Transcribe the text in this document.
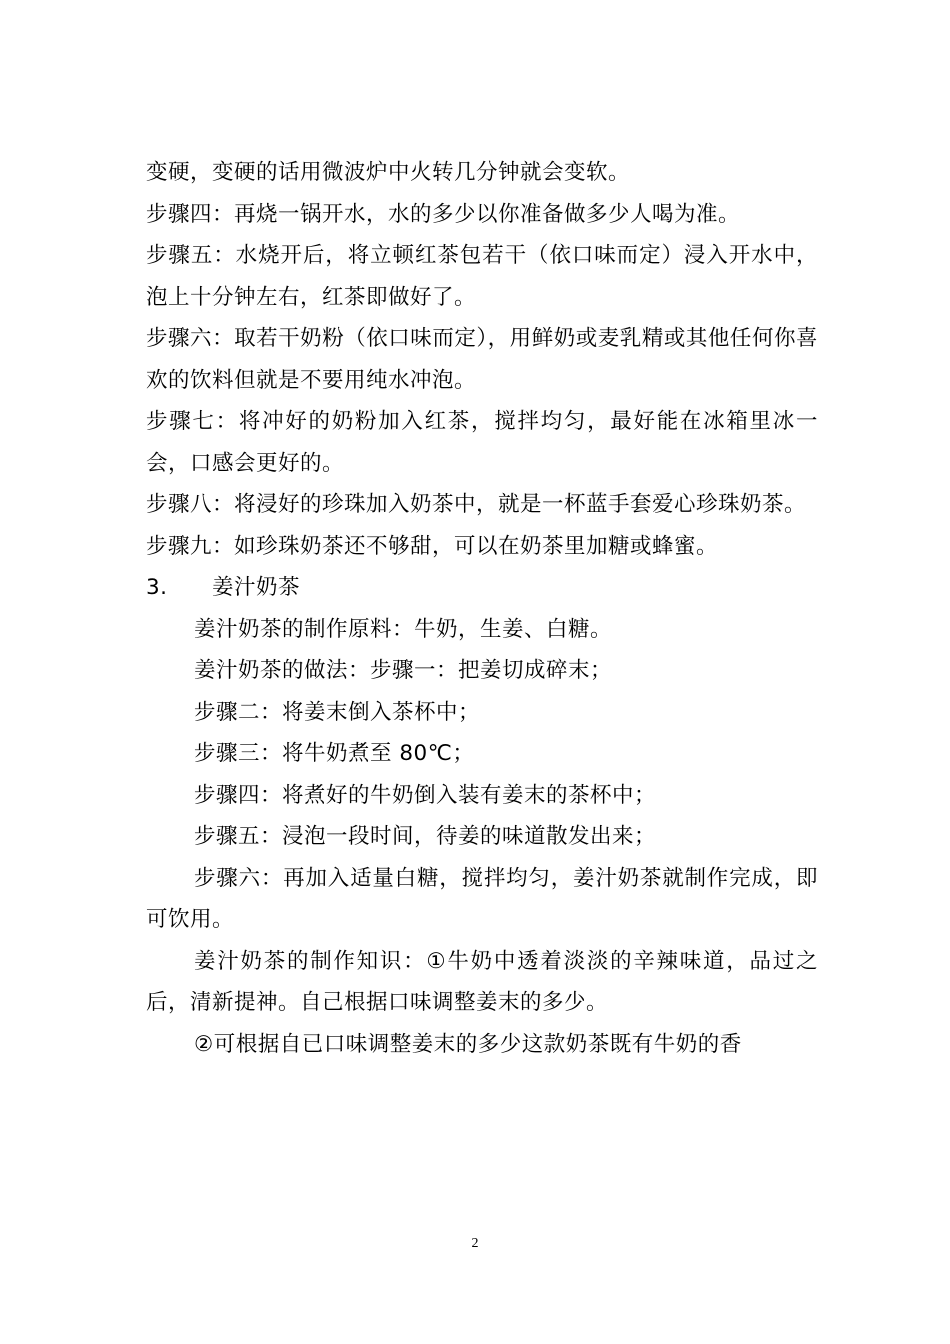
变硬，变硬的话用微波炉中火转几分钟就会变软。

步骤四：再烧一锅开水，水的多少以你准备做多少人喝为准。

步骤五：水烧开后，将立顿红茶包若干（依口味而定）浸入开水中，泡上十分钟左右，红茶即做好了。

步骤六：取若干奶粉（依口味而定），用鲜奶或麦乳精或其他任何你喜欢的饮料但就是不要用纯水冲泡。

步骤七：将冲好的奶粉加入红茶，搅拌均匀，最好能在冰箱里冰一会，口感会更好的。

步骤八：将浸好的珍珠加入奶茶中，就是一杯蓝手套爱心珍珠奶茶。

步骤九：如珍珠奶茶还不够甜，可以在奶茶里加糖或蜂蜜。

3.	姜汁奶茶

姜汁奶茶的制作原料：牛奶，生姜、白糖。

姜汁奶茶的做法：步骤一：把姜切成碎末；

步骤二：将姜末倒入茶杯中；

步骤三：将牛奶煮至 80℃；

步骤四：将煮好的牛奶倒入装有姜末的茶杯中；

步骤五：浸泡一段时间，待姜的味道散发出来；

步骤六：再加入适量白糖，搅拌均匀，姜汁奶茶就制作完成，即可饮用。

姜汁奶茶的制作知识：①牛奶中透着淡淡的辛辣味道，品过之后，清新提神。自己根据口味调整姜末的多少。

②可根据自已口味调整姜末的多少这款奶茶既有牛奶的香

2
